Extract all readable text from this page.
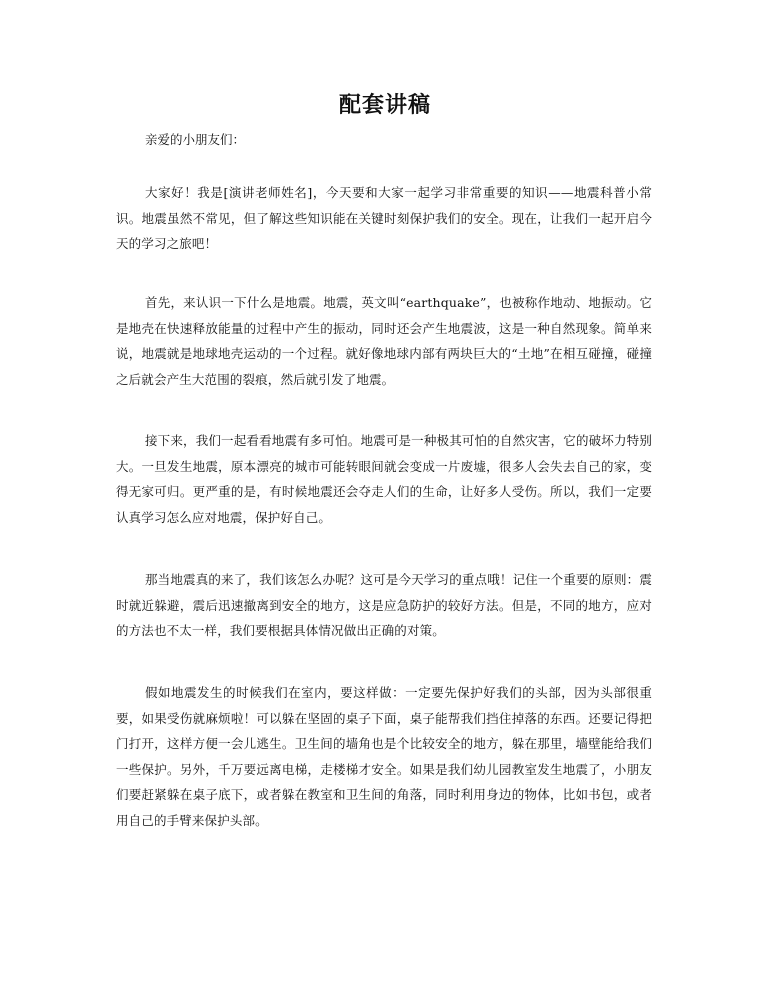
配套讲稿

亲爱的小朋友们：

大家好！我是[演讲老师姓名]，今天要和大家一起学习非常重要的知识——地震科普小常识。地震虽然不常见，但了解这些知识能在关键时刻保护我们的安全。现在，让我们一起开启今天的学习之旅吧！

首先，来认识一下什么是地震。地震，英文叫“earthquake”，也被称作地动、地振动。它是地壳在快速释放能量的过程中产生的振动，同时还会产生地震波，这是一种自然现象。简单来说，地震就是地球地壳运动的一个过程。就好像地球内部有两块巨大的“土地”在相互碰撞，碰撞之后就会产生大范围的裂痕，然后就引发了地震。

接下来，我们一起看看地震有多可怕。地震可是一种极其可怕的自然灾害，它的破坏力特别大。一旦发生地震，原本漂亮的城市可能转眼间就会变成一片废墟，很多人会失去自己的家，变得无家可归。更严重的是，有时候地震还会夺走人们的生命，让好多人受伤。所以，我们一定要认真学习怎么应对地震，保护好自己。

那当地震真的来了，我们该怎么办呢？这可是今天学习的重点哦！记住一个重要的原则：震时就近躲避，震后迅速撤离到安全的地方，这是应急防护的较好方法。但是，不同的地方，应对的方法也不太一样，我们要根据具体情况做出正确的对策。

假如地震发生的时候我们在室内，要这样做：一定要先保护好我们的头部，因为头部很重要，如果受伤就麻烦啦！可以躲在坚固的桌子下面，桌子能帮我们挡住掉落的东西。还要记得把门打开，这样方便一会儿逃生。卫生间的墙角也是个比较安全的地方，躲在那里，墙壁能给我们一些保护。另外，千万要远离电梯，走楼梯才安全。如果是我们幼儿园教室发生地震了，小朋友们要赶紧躲在桌子底下，或者躲在教室和卫生间的角落，同时利用身边的物体，比如书包，或者用自己的手臂来保护头部。
